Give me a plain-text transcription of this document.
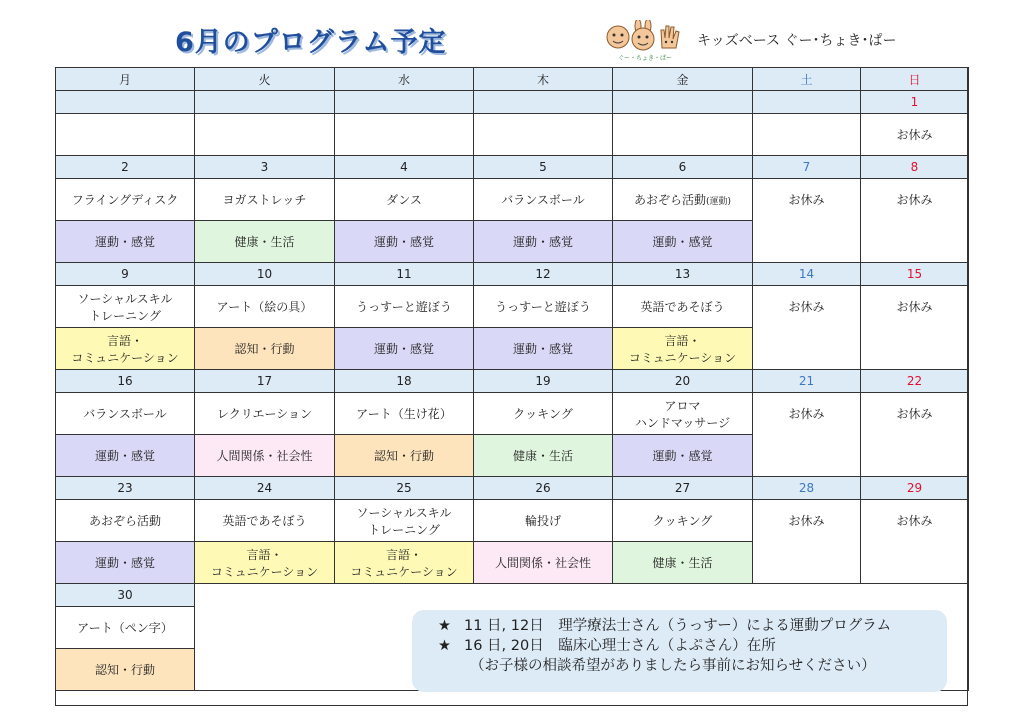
6月のプログラム予定
ぐー・ちょき・ぱー
キッズベース ぐー･ちょき･ぱー
月	火	水	木	金	土	日
						1
						お休み
2	3	4	5	6	7	8
フライングディスク	ヨガストレッチ	ダンス	バランスボール	あおぞら活動(運動)	お休み	お休み
運動・感覚	健康・生活	運動・感覚	運動・感覚	運動・感覚		
9	10	11	12	13	14	15
ソーシャルスキル
トレーニング	アート（絵の具）	うっすーと遊ぼう	うっすーと遊ぼう	英語であそぼう	お休み	お休み
言語・
コミュニケーション	認知・行動	運動・感覚	運動・感覚	言語・
コミュニケーション		
16	17	18	19	20	21	22
バランスボール	レクリエーション	アート（生け花）	クッキング	アロマ
ハンドマッサージ	お休み	お休み
運動・感覚	人間関係・社会性	認知・行動	健康・生活	運動・感覚		
23	24	25	26	27	28	29
あおぞら活動	英語であそぼう	ソーシャルスキル
トレーニング	輪投げ	クッキング	お休み	お休み
運動・感覚	言語・
コミュニケーション	言語・
コミュニケーション	人間関係・社会性	健康・生活		
30						
アート（ペン字）						
認知・行動						
★ 11 日, 12日　理学療法士さん（うっすー）による運動プログラム
★ 16 日, 20日　臨床心理士さん（よぷさん）在所
（お子様の相談希望がありましたら事前にお知らせください）
